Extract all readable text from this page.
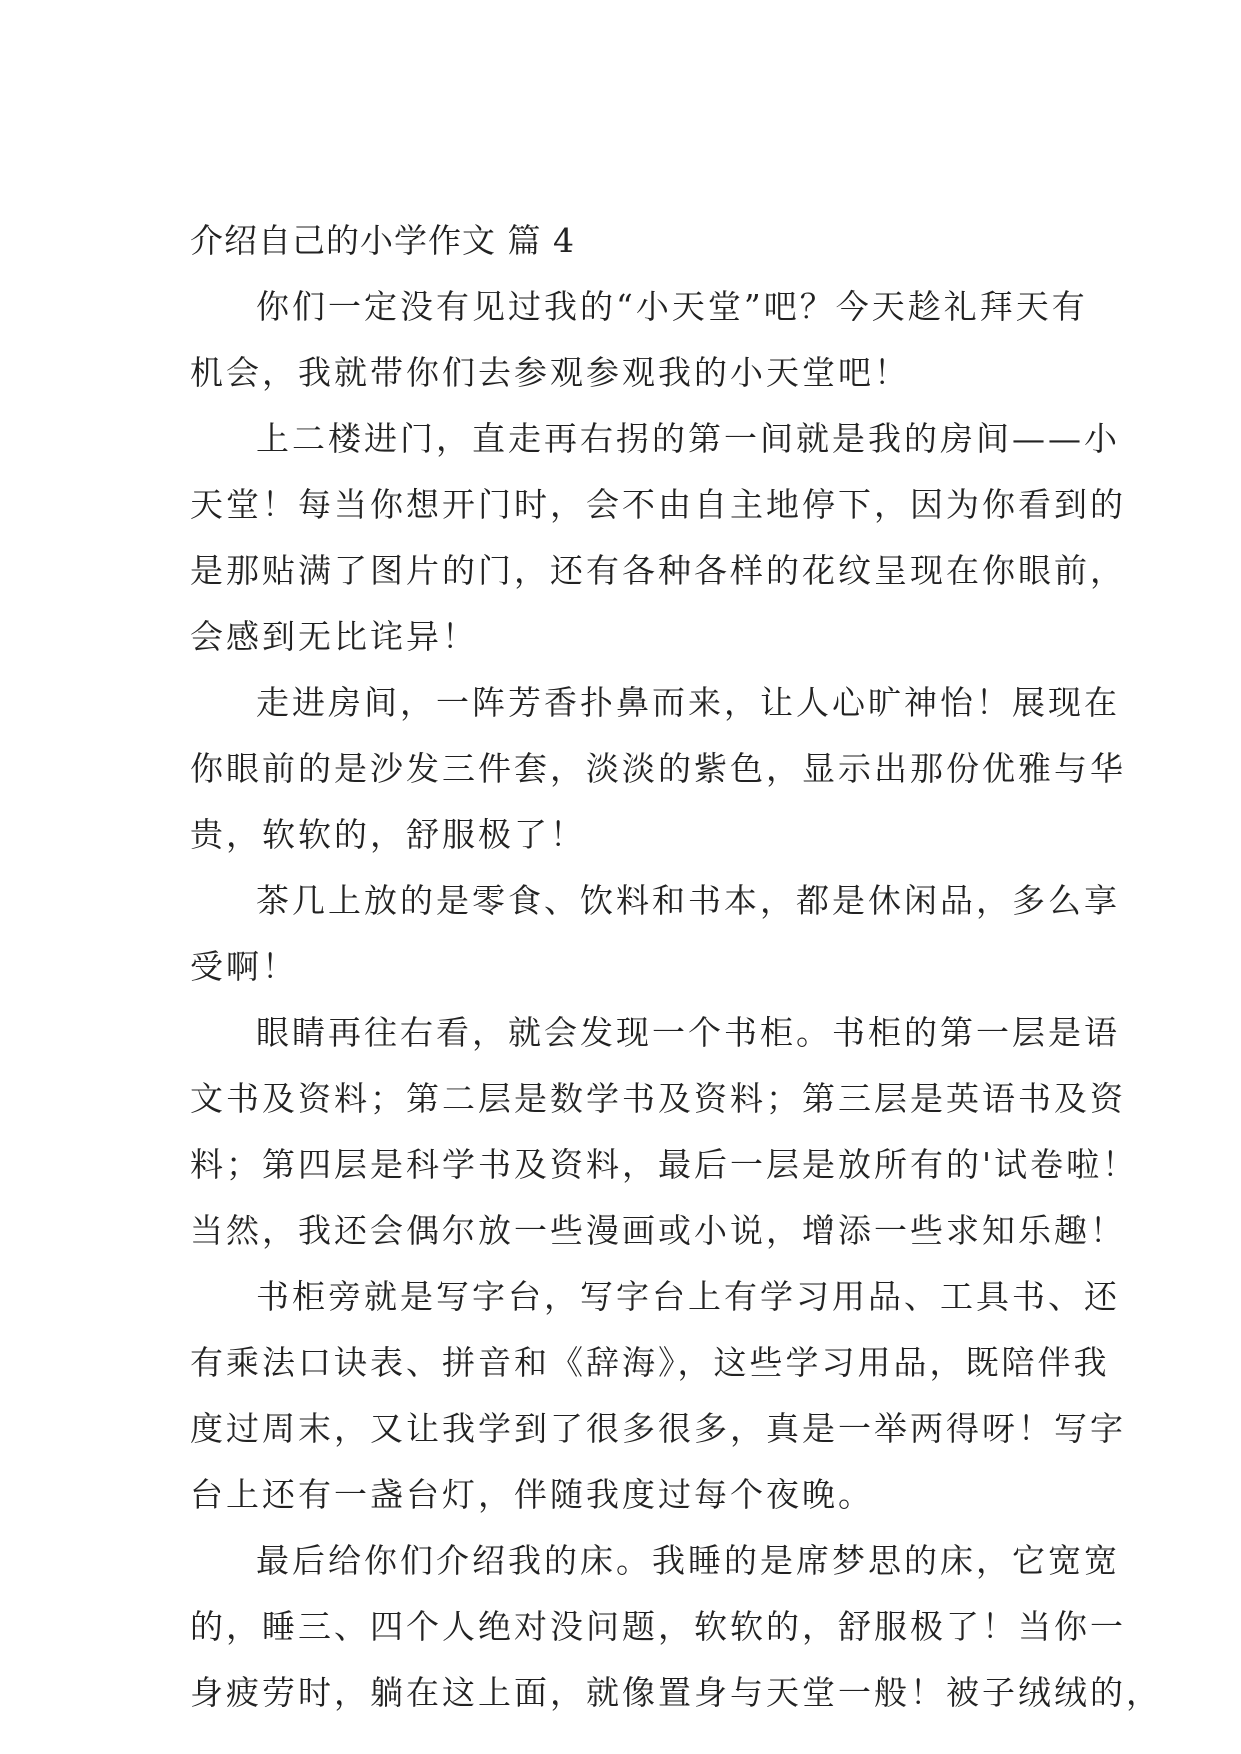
介绍自己的小学作文 篇 4

你们一定没有见过我的“小天堂”吧？今天趁礼拜天有

机会，我就带你们去参观参观我的小天堂吧！

上二楼进门，直走再右拐的第一间就是我的房间——小

天堂！每当你想开门时，会不由自主地停下，因为你看到的

是那贴满了图片的门，还有各种各样的花纹呈现在你眼前，

会感到无比诧异！

走进房间，一阵芳香扑鼻而来，让人心旷神怡！展现在

你眼前的是沙发三件套，淡淡的紫色，显示出那份优雅与华

贵，软软的，舒服极了！

茶几上放的是零食、饮料和书本，都是休闲品，多么享

受啊！

眼睛再往右看，就会发现一个书柜。书柜的第一层是语

文书及资料；第二层是数学书及资料；第三层是英语书及资

料；第四层是科学书及资料，最后一层是放所有的'试卷啦！

当然，我还会偶尔放一些漫画或小说，增添一些求知乐趣！

书柜旁就是写字台，写字台上有学习用品、工具书、还

有乘法口诀表、拼音和《辞海》，这些学习用品，既陪伴我

度过周末，又让我学到了很多很多，真是一举两得呀！写字

台上还有一盏台灯，伴随我度过每个夜晚。

最后给你们介绍我的床。我睡的是席梦思的床，它宽宽

的，睡三、四个人绝对没问题，软软的，舒服极了！当你一

身疲劳时，躺在这上面，就像置身与天堂一般！被子绒绒的，
